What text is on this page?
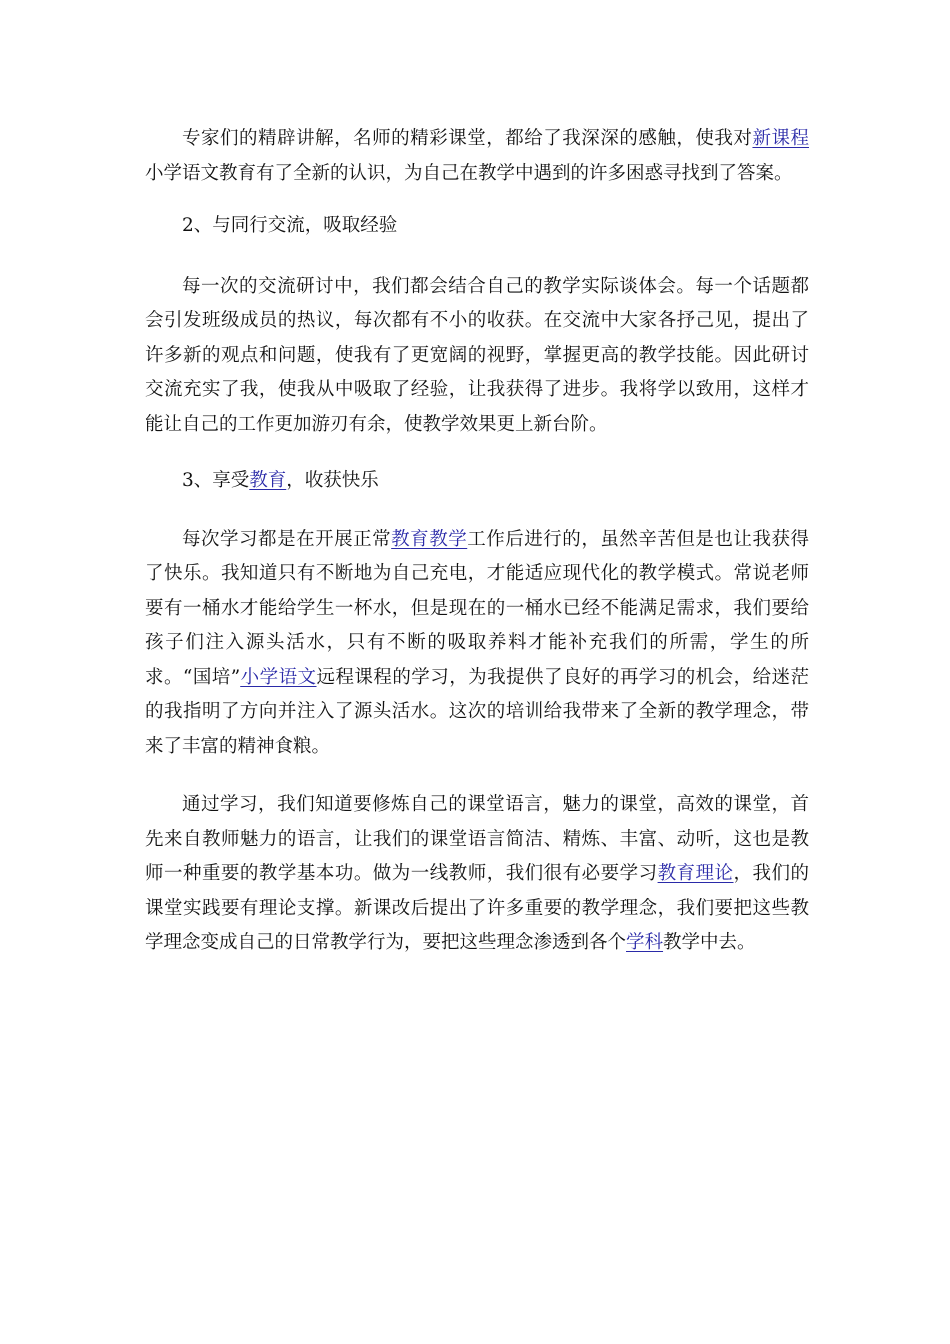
专家们的精辟讲解，名师的精彩课堂，都给了我深深的感触，使我对新课程小学语文教育有了全新的认识，为自己在教学中遇到的许多困惑寻找到了答案。

2、与同行交流，吸取经验

每一次的交流研讨中，我们都会结合自己的教学实际谈体会。每一个话题都会引发班级成员的热议，每次都有不小的收获。在交流中大家各抒己见，提出了许多新的观点和问题，使我有了更宽阔的视野，掌握更高的教学技能。因此研讨交流充实了我，使我从中吸取了经验，让我获得了进步。我将学以致用，这样才能让自己的工作更加游刃有余，使教学效果更上新台阶。

3、享受教育，收获快乐

每次学习都是在开展正常教育教学工作后进行的，虽然辛苦但是也让我获得了快乐。我知道只有不断地为自己充电，才能适应现代化的教学模式。常说老师要有一桶水才能给学生一杯水，但是现在的一桶水已经不能满足需求，我们要给孩子们注入源头活水，只有不断的吸取养料才能补充我们的所需，学生的所求。“国培”小学语文远程课程的学习，为我提供了良好的再学习的机会，给迷茫的我指明了方向并注入了源头活水。这次的培训给我带来了全新的教学理念，带来了丰富的精神食粮。

通过学习，我们知道要修炼自己的课堂语言，魅力的课堂，高效的课堂，首先来自教师魅力的语言，让我们的课堂语言简洁、精炼、丰富、动听，这也是教师一种重要的教学基本功。做为一线教师，我们很有必要学习教育理论，我们的课堂实践要有理论支撑。新课改后提出了许多重要的教学理念，我们要把这些教学理念变成自己的日常教学行为，要把这些理念渗透到各个学科教学中去。
